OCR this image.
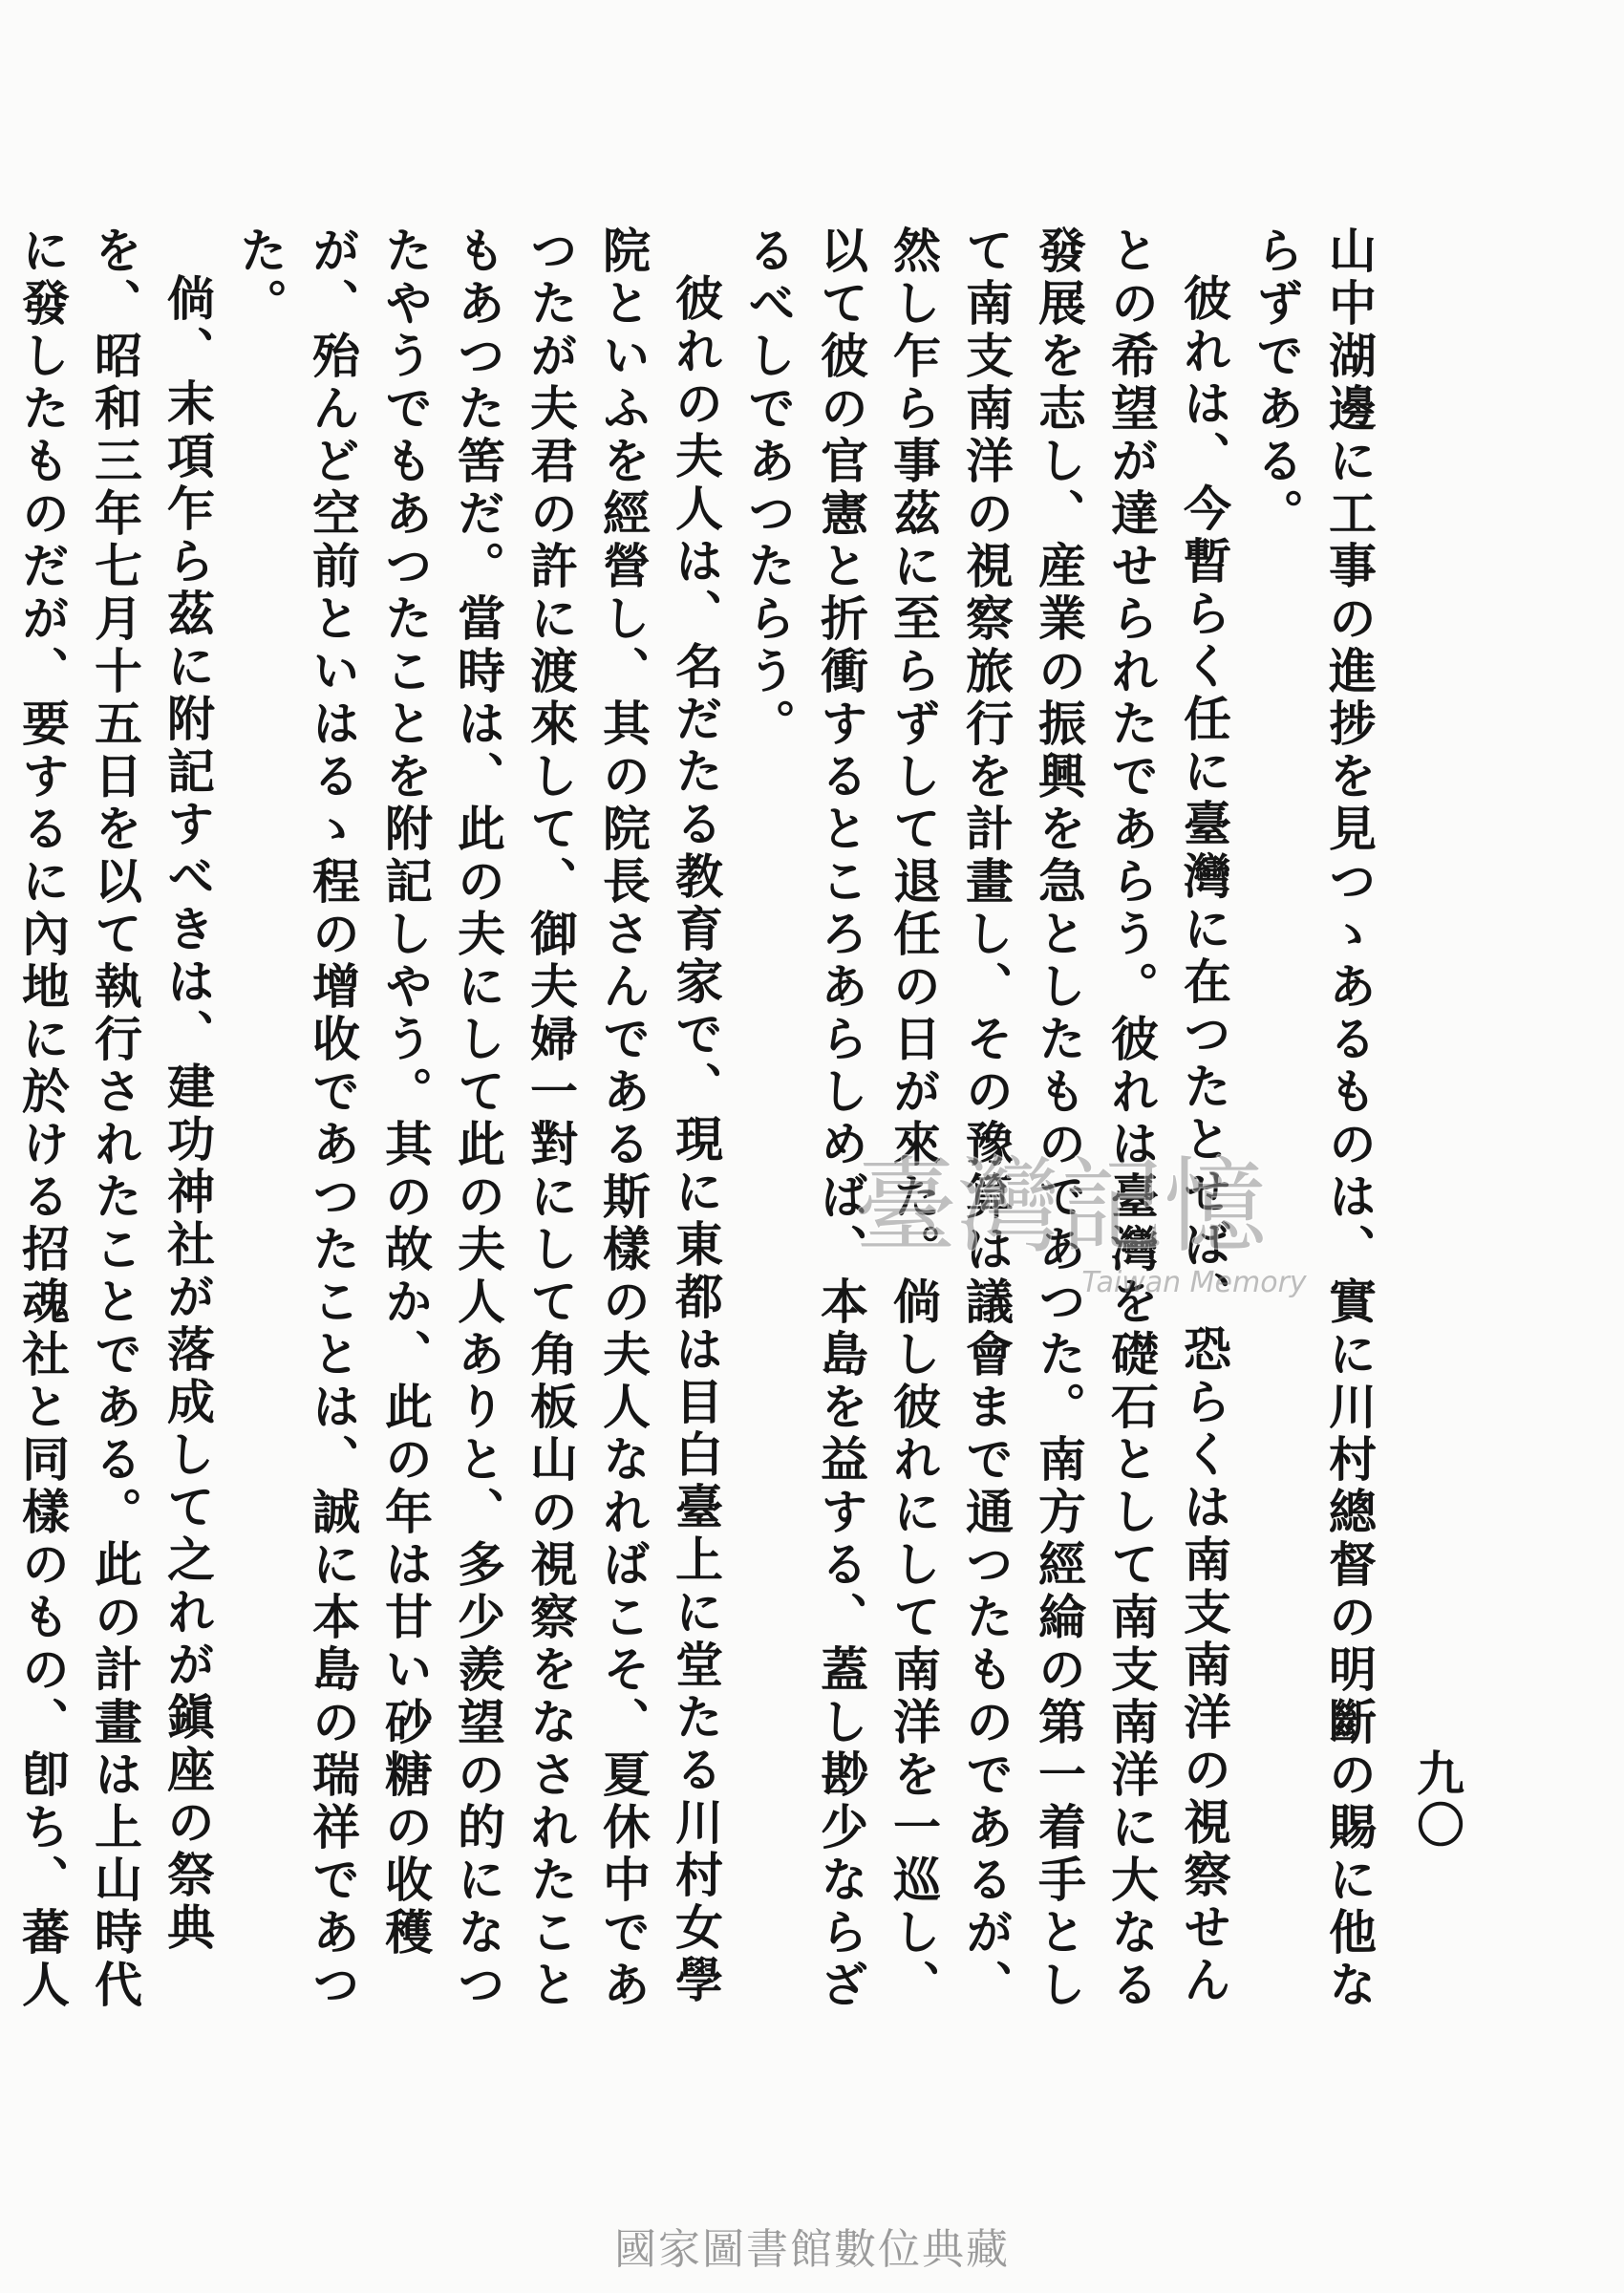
九〇

山中湖邊に工事の進捗を見つゝあるものは、實に川村總督の明斷の賜に他ならずである。

彼れは、今暫らく任に臺灣に在つたとせば、恐らくは南支南洋の視察せんとの希望が達せられたであらう。彼れは臺灣を礎石として南支南洋に大なる發展を志し、産業の振興を急としたものであつた。南方經綸の第一着手として南支南洋の視察旅行を計畫し、その豫算は議會まで通つたものであるが、然し乍ら事茲に至らずして退任の日が來た。倘し彼れにして南洋を一巡し、以て彼の官憲と折衝するところあらしめば、本島を益する、蓋し尠少ならざるべしであつたらう。

彼れの夫人は、名だたる教育家で、現に東都は目白臺上に堂たる川村女學院といふを經營し、其の院長さんである斯樣の夫人なればこそ、夏休中であつたが夫君の許に渡來して、御夫婦一對にして角板山の視察をなされたこともあつた筈だ。當時は、此の夫にして此の夫人ありと、多少羨望の的になつたやうでもあつたことを附記しやう。其の故か、此の年は甘い砂糖の收穫が、殆んど空前といはるゝ程の增收であつたことは、誠に本島の瑞祥であつた。

倘、末項乍ら茲に附記すべきは、建功神社が落成して之れが鎭座の祭典を、昭和三年七月十五日を以て執行されたことである。此の計畫は上山時代に發したものだが、要するに內地に於ける招魂社と同樣のもの、卽ち、蕃人

臺灣記憶
Taiwan Memory
國家圖書館數位典藏
